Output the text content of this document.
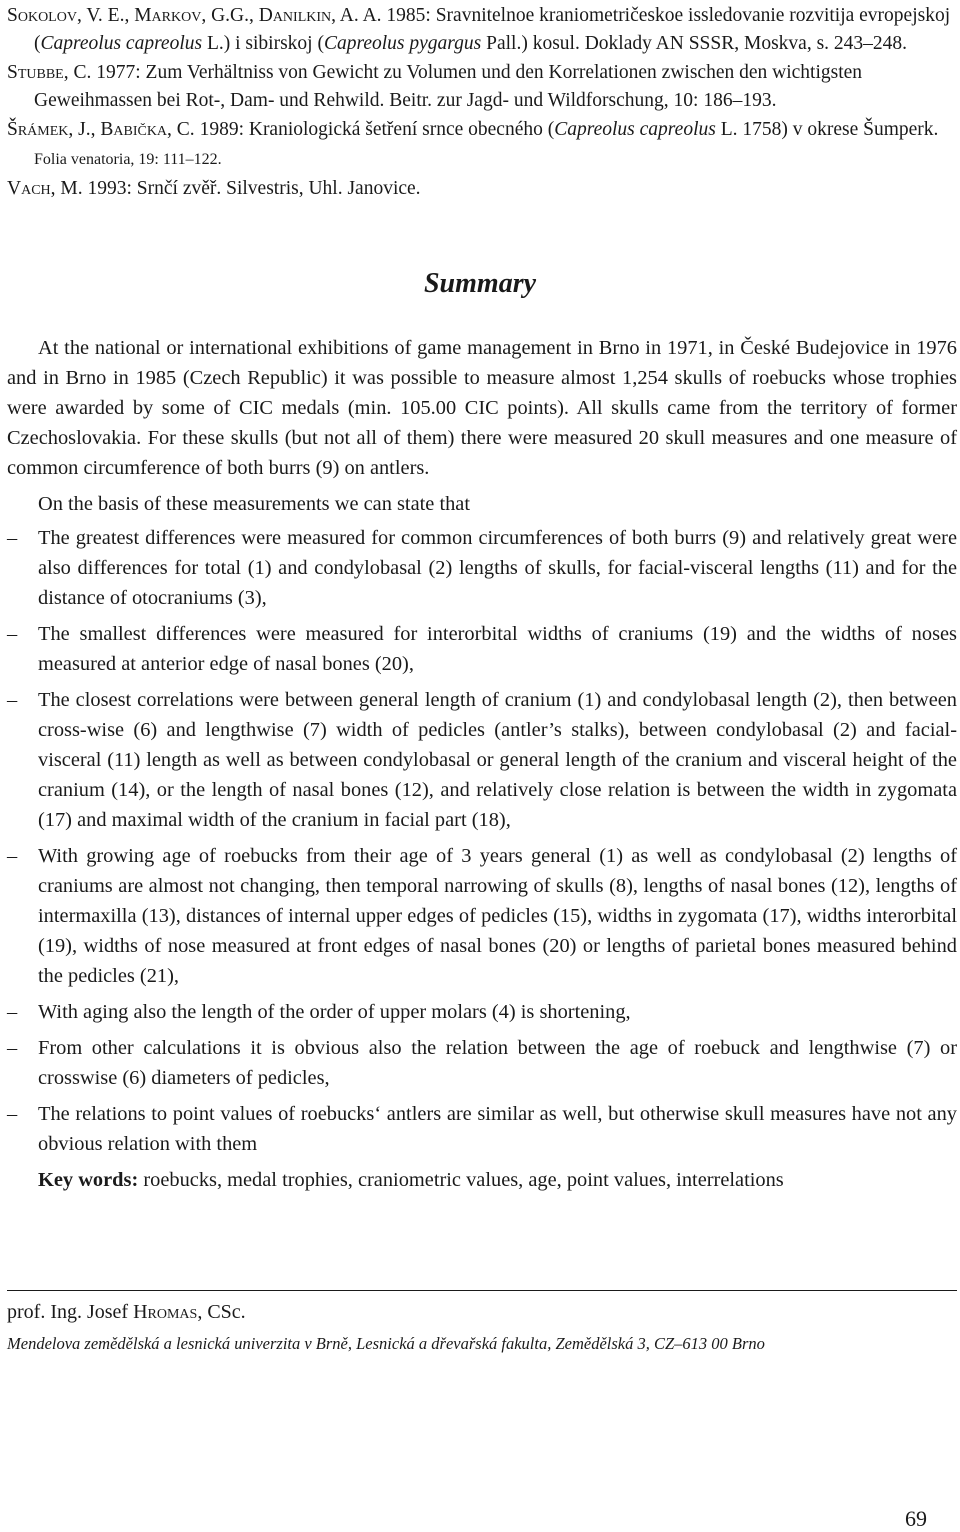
Sokolov, V. E., Markov, G.G., Danilkin, A. A. 1985: Sravnitelnoe kraniometričeskoe issledovanie rozvitija evropejskoj (Capreolus capreolus L.) i sibirskoj (Capreolus pygargus Pall.) kosul. Doklady AN SSSR, Moskva, s. 243–248.

Stubbe, C. 1977: Zum Verhältniss von Gewicht zu Volumen und den Korrelationen zwischen den wichtigsten Geweihmassen bei Rot-, Dam- und Rehwild. Beitr. zur Jagd- und Wildforschung, 10: 186–193.

Šrámek, J., Babička, C. 1989: Kraniologická šetření srnce obecného (Capreolus capreolus L. 1758) v okrese Šumperk. Folia venatoria, 19: 111–122.

Vach, M. 1993: Srnčí zvěř. Silvestris, Uhl. Janovice.

Summary

At the national or international exhibitions of game management in Brno in 1971, in České Budejovice in 1976 and in Brno in 1985 (Czech Republic) it was possible to measure almost 1,254 skulls of roebucks whose trophies were awarded by some of CIC medals (min. 105.00 CIC points). All skulls came from the territory of former Czechoslovakia. For these skulls (but not all of them) there were measured 20 skull measures and one measure of common circumference of both burrs (9) on antlers.

On the basis of these measurements we can state that

– The greatest differences were measured for common circumferences of both burrs (9) and relatively great were also differences for total (1) and condylobasal (2) lengths of skulls, for facial-visceral lengths (11) and for the distance of otocraniums (3),
– The smallest differences were measured for interorbital widths of craniums (19) and the widths of noses measured at anterior edge of nasal bones (20),
– The closest correlations were between general length of cranium (1) and condylobasal length (2), then between cross-wise (6) and lengthwise (7) width of pedicles (antler’s stalks), between condylobasal (2) and facial-visceral (11) length as well as between condylobasal or general length of the cranium and visceral height of the cranium (14), or the length of nasal bones (12), and relatively close relation is between the width in zygomata (17) and maximal width of the cranium in facial part (18),
– With growing age of roebucks from their age of 3 years general (1) as well as condylobasal (2) lengths of craniums are almost not changing, then temporal narrowing of skulls (8), lengths of nasal bones (12), lengths of intermaxilla (13), distances of internal upper edges of pedicles (15), widths in zygomata (17), widths interorbital (19), widths of nose measured at front edges of nasal bones (20) or lengths of parietal bones measured behind the pedicles (21),
– With aging also the length of the order of upper molars (4) is shortening,
– From other calculations it is obvious also the relation between the age of roebuck and lengthwise (7) or crosswise (6) diameters of pedicles,
– The relations to point values of roebucks‘ antlers are similar as well, but otherwise skull measures have not any obvious relation with them

Key words: roebucks, medal trophies, craniometric values, age, point values, interrelations

prof. Ing. Josef Hromas, CSc.
Mendelova zemědělská a lesnická univerzita v Brně, Lesnická a dřevařská fakulta, Zemědělská 3, CZ–613 00 Brno
69
